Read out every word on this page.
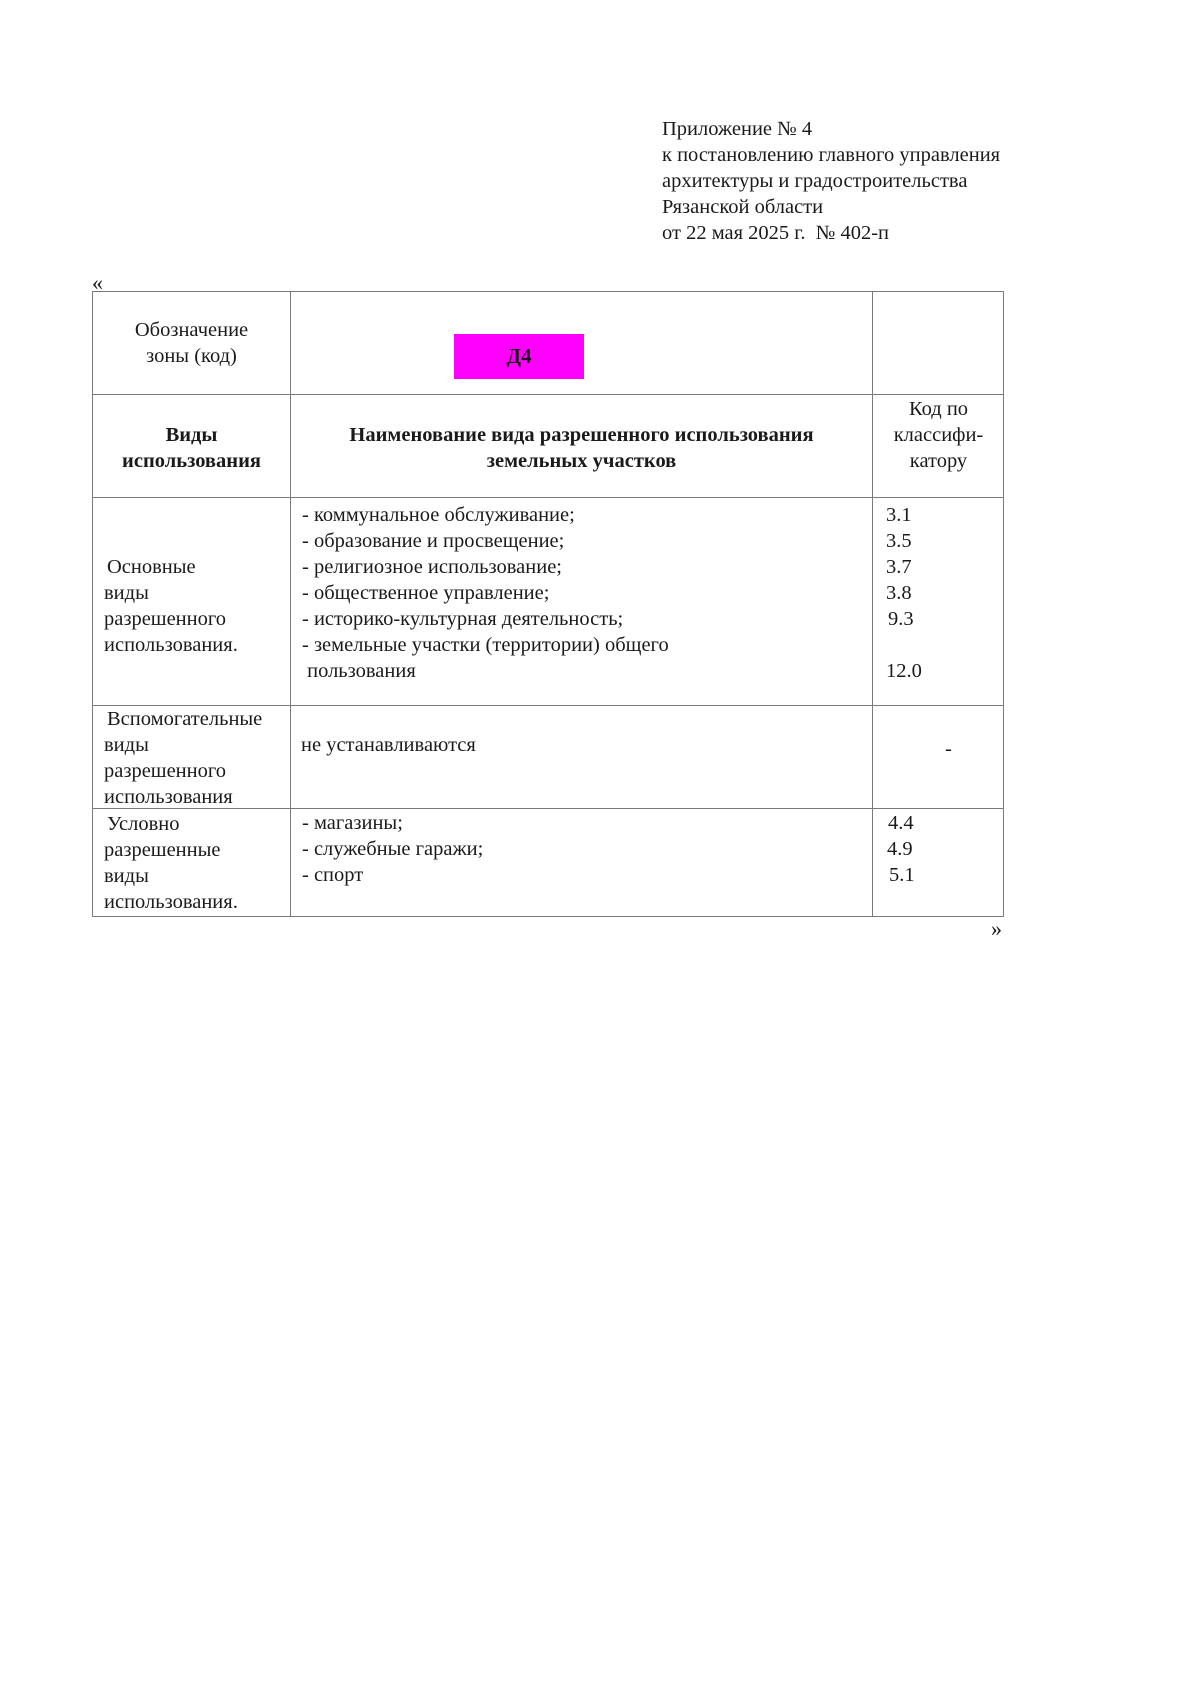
Приложение № 4
к постановлению главного управления
архитектуры и градостроительства
Рязанской области
от 22 мая 2025 г.  № 402-п
«
Обозначение
зоны (код)	Д4
Виды
использования
Наименование вида разрешенного использования
земельных участков
Код по
классифи-
катору
Основные
виды
разрешенного
использования.
- коммунальное обслуживание;
- образование и просвещение;
- религиозное использование;
- общественное управление;
- историко-культурная деятельность;
- земельные участки (территории) общего
пользования
3.1
3.5
3.7
3.8
9.3
12.0
Вспомогательные
виды
разрешенного
использования
не устанавливаются	-
Условно
разрешенные
виды
использования.
- магазины;
- служебные гаражи;
- спорт
4.4
4.9
5.1
»
